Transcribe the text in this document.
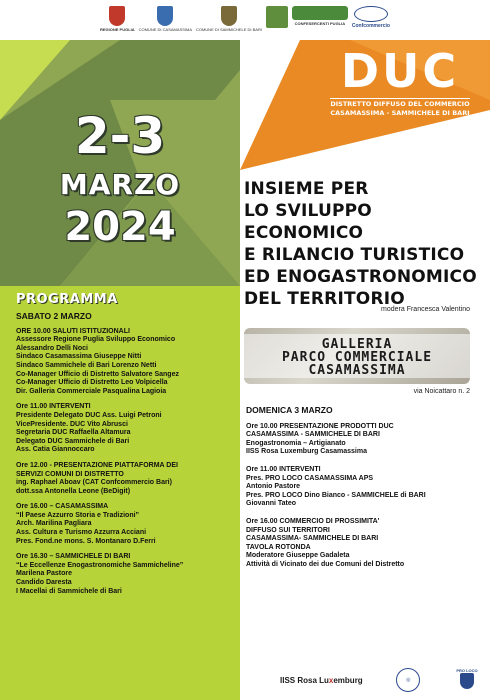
REGIONE PUGLIA COMUNE DI CASAMASSIMA COMUNE DI SAMMICHELE DI BARI
CONFESERCENTI PUGLIA Confcommercio
DUC
DISTRETTO DIFFUSO DEL COMMERCIO
CASAMASSIMA - SAMMICHELE DI BARI
2-3
MARZO
2024
INSIEME PER
LO SVILUPPO ECONOMICO
E RILANCIO TURISTICO
ED ENOGASTRONOMICO
DEL TERRITORIO
modera Francesca Valentino
GALLERIA
PARCO COMMERCIALE
CASAMASSIMA
via Noicattaro n. 2
PROGRAMMA
SABATO 2 MARZO
ORE 10.00 SALUTI ISTITUZIONALI
Assessore Regione Puglia Sviluppo Economico
Alessandro Delli Noci
Sindaco Casamassima Giuseppe Nitti
Sindaco Sammichele di Bari Lorenzo Netti
Co-Manager Ufficio di Distretto Salvatore Sangez
Co-Manager Ufficio di Distretto Leo Volpicella
Dir. Galleria Commerciale Pasqualina Lagioia
Ore 11.00 INTERVENTI
Presidente Delegato DUC Ass. Luigi Petroni
VicePresidente. DUC Vito Abrusci
Segretaria DUC Raffaella Altamura
Delegato DUC Sammichele di Bari
Ass. Catia Giannoccaro
Ore 12.00 - PRESENTAZIONE PIATTAFORMA DEI
SERVIZI COMUNI DI DISTRETTO
ing. Raphael Aboav (CAT Confcommercio Bari)
dott.ssa Antonella Leone (BeDigit)
Ore 16.00 – CASAMASSIMA
“Il Paese Azzurro Storia e Tradizioni”
Arch. Marilina Pagliara
Ass. Cultura e Turismo Azzurra Acciani
Pres. Fond.ne mons. S. Montanaro D.Ferri
Ore 16.30 – SAMMICHELE DI BARI
“Le Eccellenze Enogastronomiche Sammicheline”
Marilena Pastore
Candido Daresta
I Macellai di Sammichele di Bari
DOMENICA 3 MARZO
Ore 10.00 PRESENTAZIONE PRODOTTI DUC
CASAMASSIMA - SAMMICHELE DI BARI
Enogastronomia – Artigianato
IISS Rosa Luxemburg Casamassima
Ore 11.00 INTERVENTI
Pres. PRO LOCO CASAMASSIMA APS
Antonio Pastore
Pres. PRO LOCO Dino Bianco - SAMMICHELE di BARI
Giovanni Tateo
Ore 16.00 COMMERCIO DI PROSSIMITA'
DIFFUSO SUI TERRITORI
CASAMASSIMA- SAMMICHELE DI BARI
TAVOLA ROTONDA
Moderatore Giuseppe Gadaleta
Attività di Vicinato dei due Comuni del Distretto
IISS Rosa Luxemburg	◎
PRO LOCO
